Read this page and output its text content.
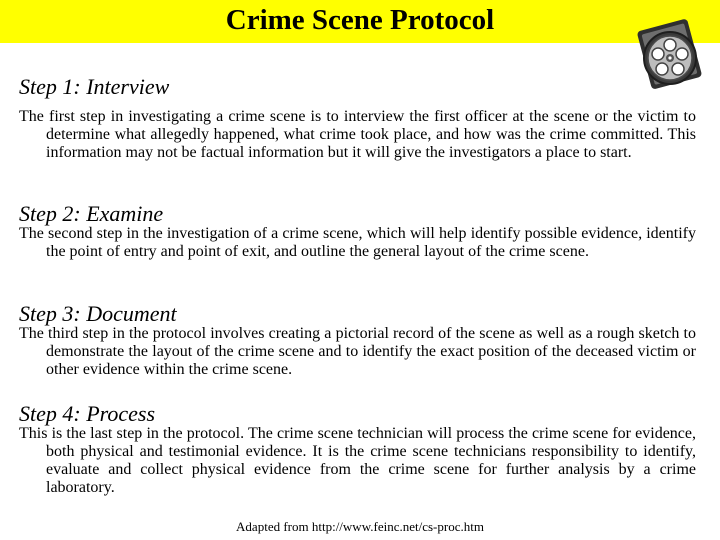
Crime Scene Protocol
Step 1: Interview

The first step in investigating a crime scene is to interview the first officer at the scene or the victim to determine what allegedly happened, what crime took place, and how was the crime committed. This information may not be factual information but it will give the investigators a place to start.

Step 2: Examine

The second step in the investigation of a crime scene, which will help identify possible evidence, identify the point of entry and point of exit, and outline the general layout of the crime scene.

Step 3: Document

The third step in the protocol involves creating a pictorial record of the scene as well as a rough sketch to demonstrate the layout of the crime scene and to identify the exact position of the deceased victim or other evidence within the crime scene.

Step 4: Process

This is the last step in the protocol. The crime scene technician will process the crime scene for evidence, both physical and testimonial evidence. It is the crime scene technicians responsibility to identify, evaluate and collect physical evidence from the crime scene for further analysis by a crime laboratory.

Adapted from http://www.feinc.net/cs-proc.htm
